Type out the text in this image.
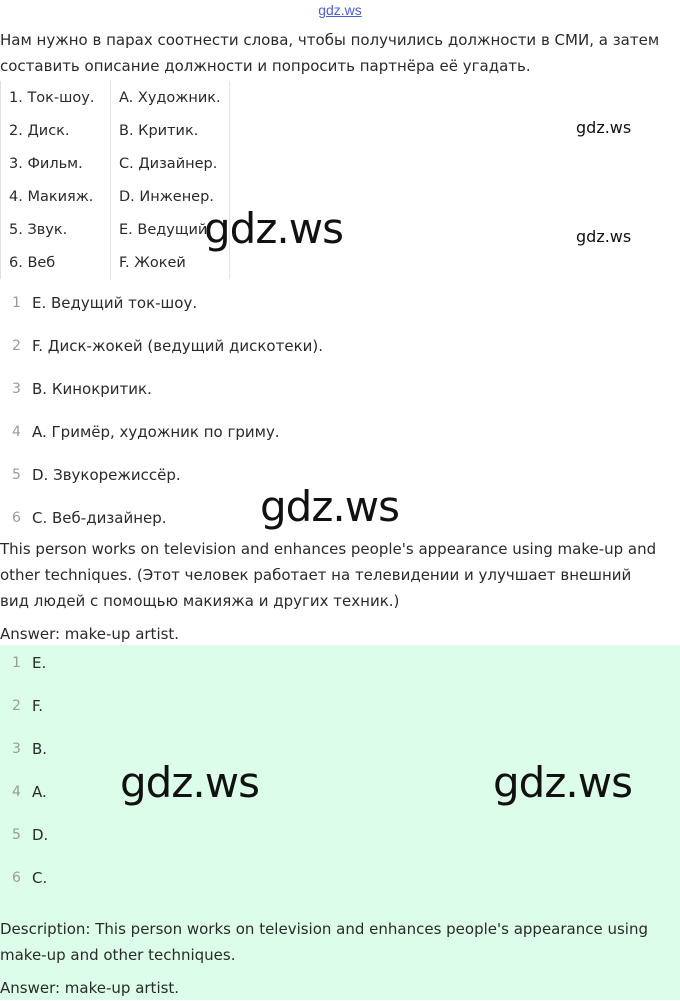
gdz.ws
Нам нужно в парах соотнести слова, чтобы получились должности в СМИ, а затем составить описание должности и попросить партнёра её угадать.
1. Ток-шоу.	A. Художник.
2. Диск.	B. Критик.
3. Фильм.	C. Дизайнер.
4. Макияж.	D. Инженер.
5. Звук.	E. Ведущий.
6. Веб	F. Жокей
1 E. Ведущий ток-шоу.
2 F. Диск-жокей (ведущий дискотеки).
3 B. Кинокритик.
4 A. Гримёр, художник по гриму.
5 D. Звукорежиссёр.
6 C. Веб-дизайнер.
This person works on television and enhances people's appearance using make-up and other techniques. (Этот человек работает на телевидении и улучшает внешний вид людей с помощью макияжа и других техник.)
Answer: make-up artist.
1 E.
2 F.
3 B.
4 A.
5 D.
6 C.
Description: This person works on television and enhances people's appearance using make-up and other techniques.
Answer: make-up artist.
gdz.ws
gdz.ws
gdz.ws
gdz.ws
gdz.ws	gdz.ws
